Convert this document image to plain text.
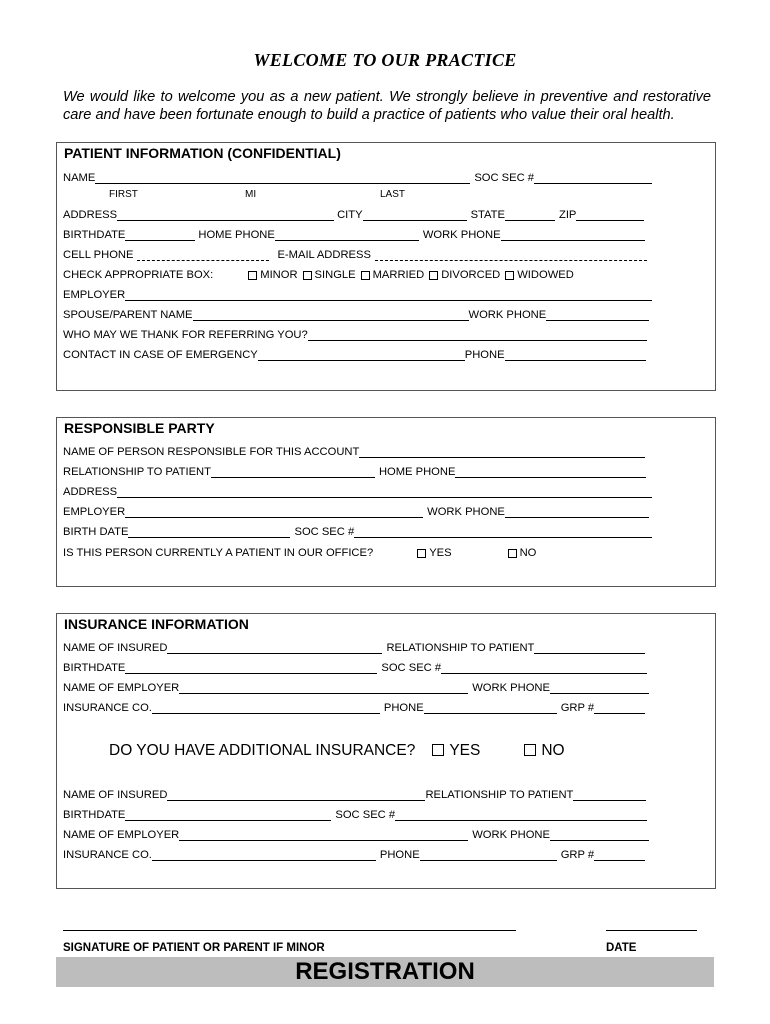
WELCOME TO OUR PRACTICE
We would like to welcome you as a new patient. We strongly believe in preventive and restorative care and have been fortunate enough to build a practice of patients who value their oral health.
PATIENT INFORMATION (CONFIDENTIAL)
NAME	SOC SEC #
FIRST	MI	LAST
ADDRESS	CITY	STATE	ZIP
BIRTHDATE	HOME PHONE	WORK PHONE
CELL PHONE	E-MAIL ADDRESS
CHECK APPROPRIATE BOX:	MINOR SINGLE MARRIED DIVORCED WIDOWED
EMPLOYER
SPOUSE/PARENT NAME	WORK PHONE
WHO MAY WE THANK FOR REFERRING YOU?
CONTACT IN CASE OF EMERGENCY	PHONE
RESPONSIBLE PARTY
NAME OF PERSON RESPONSIBLE FOR THIS ACCOUNT
RELATIONSHIP TO PATIENT	HOME PHONE
ADDRESS
EMPLOYER	WORK PHONE
BIRTH DATE	SOC SEC #
IS THIS PERSON CURRENTLY A PATIENT IN OUR OFFICE?	YES	NO
INSURANCE INFORMATION
NAME OF INSURED	RELATIONSHIP TO PATIENT
BIRTHDATE	SOC SEC #
NAME OF EMPLOYER	WORK PHONE
INSURANCE CO.	PHONE	GRP #
DO YOU HAVE ADDITIONAL INSURANCE? YES	NO
NAME OF INSURED	RELATIONSHIP TO PATIENT
BIRTHDATE	SOC SEC #
NAME OF EMPLOYER	WORK PHONE
INSURANCE CO.	PHONE	GRP #
SIGNATURE OF PATIENT OR PARENT IF MINOR	DATE
REGISTRATION
